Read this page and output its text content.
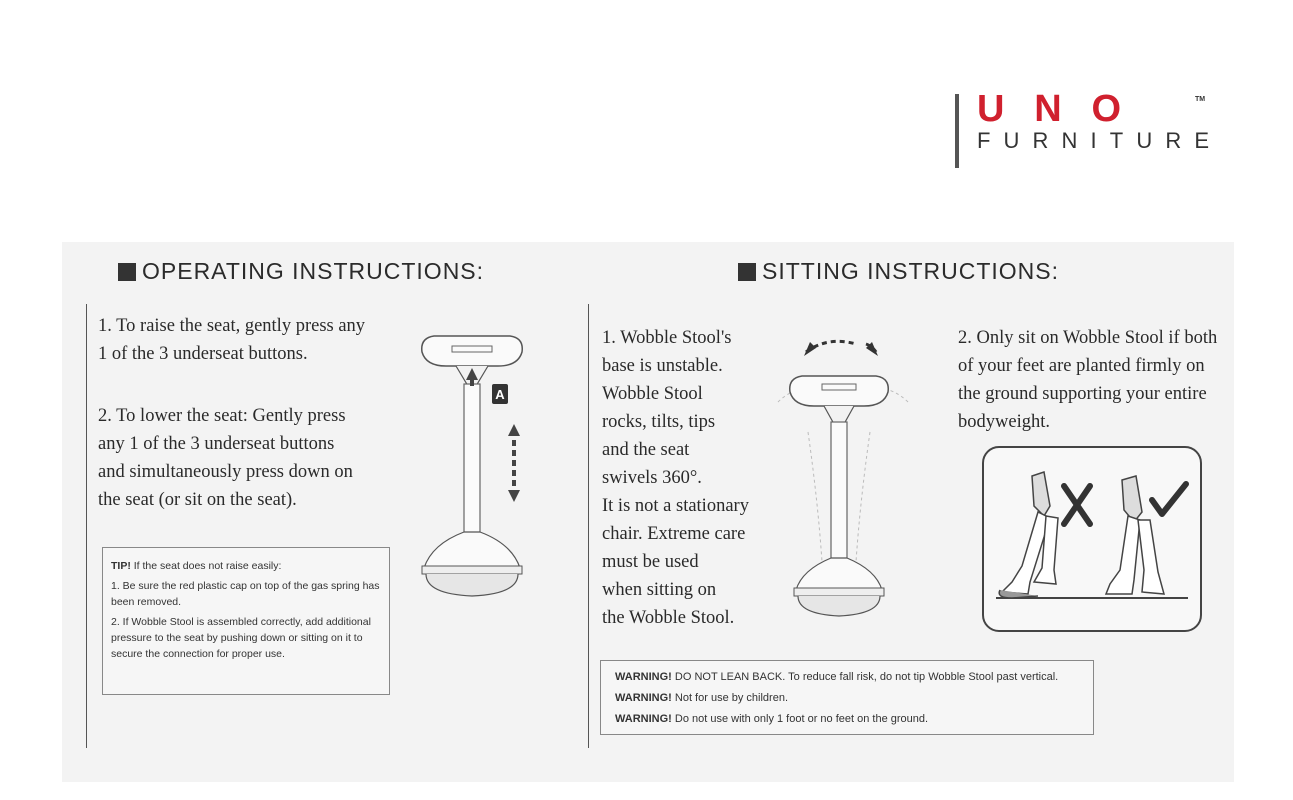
UNO	TM
FURNITURE
OPERATING INSTRUCTIONS:
1. To raise the seat, gently press any
1 of the 3 underseat buttons.
2. To lower the seat: Gently press
any 1 of the 3 underseat buttons
and simultaneously press down on
the seat (or sit on the seat).

TIP! If the seat does not raise easily:

1. Be sure the red plastic cap on top of the gas spring has been removed.

2. If Wobble Stool is assembled correctly, add additional pressure to the seat by pushing down or sitting on it to secure the connection for proper use.

A
SITTING INSTRUCTIONS:
1. Wobble Stool's
base is unstable.
Wobble Stool
rocks, tilts, tips
and the seat
swivels 360°.
It is not a stationary
chair. Extreme care
must be used
when sitting on
the Wobble Stool.
2. Only sit on Wobble Stool if both
of your feet are planted firmly on
the ground supporting your entire
bodyweight.
WARNING! DO NOT LEAN BACK. To reduce fall risk, do not tip Wobble Stool past vertical.
WARNING! Not for use by children.
WARNING! Do not use with only 1 foot or no feet on the ground.
